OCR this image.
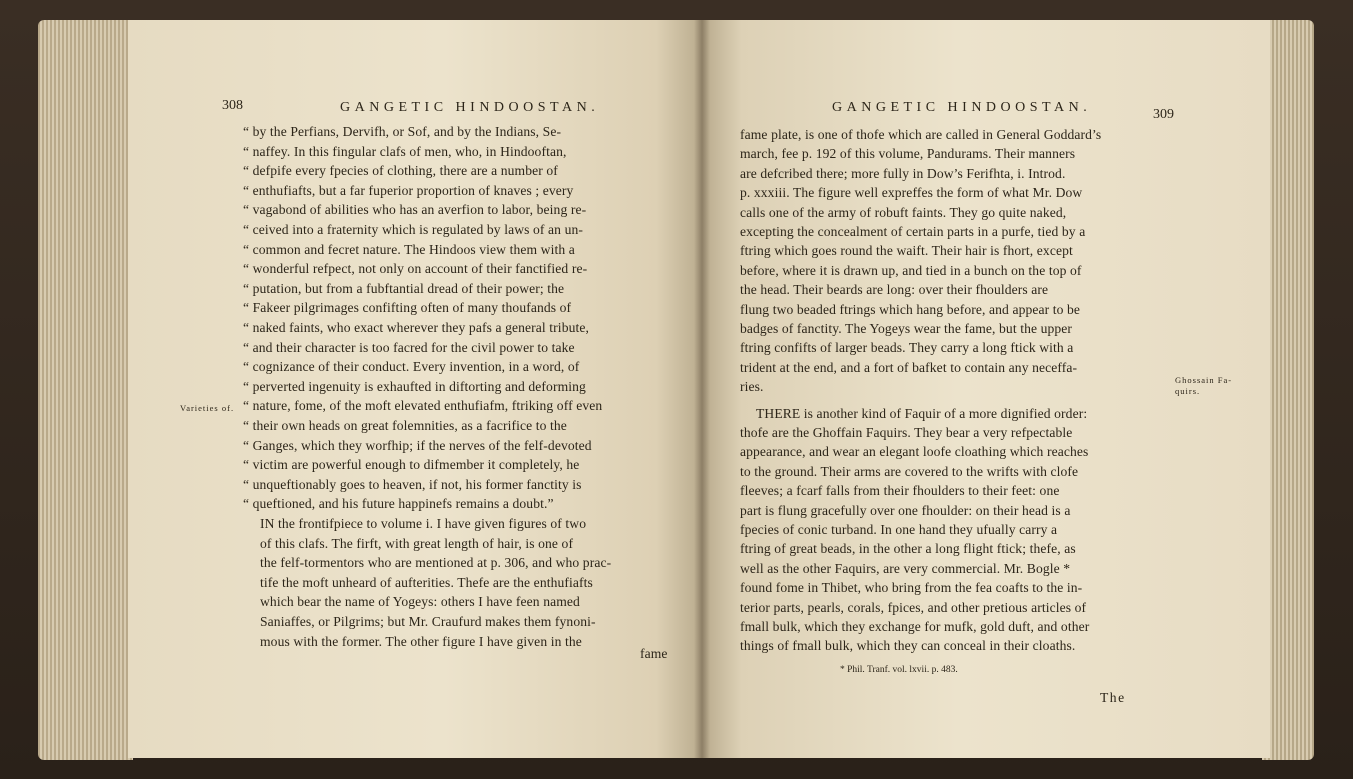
308	GANGETIC HINDOOSTAN.
“ by the Perfians, Dervifh, or Sof, and by the Indians, Se-
“ naffey. In this fingular clafs of men, who, in Hindooftan,
“ defpife every fpecies of clothing, there are a number of
“ enthufiafts, but a far fuperior proportion of knaves ; every
“ vagabond of abilities who has an averfion to labor, being re-
“ ceived into a fraternity which is regulated by laws of an un-
“ common and fecret nature. The Hindoos view them with a
“ wonderful refpect, not only on account of their fanctified re-
“ putation, but from a fubftantial dread of their power; the
“ Fakeer pilgrimages confifting often of many thoufands of
“ naked faints, who exact wherever they pafs a general tribute,
“ and their character is too facred for the civil power to take
“ cognizance of their conduct. Every invention, in a word, of
“ perverted ingenuity is exhaufted in diftorting and deforming
“ nature, fome, of the moft elevated enthufiafm, ftriking off even
“ their own heads on great folemnities, as a facrifice to the
“ Ganges, which they worfhip; if the nerves of the felf-devoted
“ victim are powerful enough to difmember it completely, he
“ unqueftionably goes to heaven, if not, his former fanctity is
“ queftioned, and his future happinefs remains a doubt.”
IN the frontifpiece to volume i. I have given figures of two
of this clafs. The firft, with great length of hair, is one of
the felf-tormentors who are mentioned at p. 306, and who prac-
tife the moft unheard of aufterities. Thefe are the enthufiafts
which bear the name of Yogeys: others I have feen named
Saniaffes, or Pilgrims; but Mr. Craufurd makes them fynoni-
mous with the former. The other figure I have given in the
Varieties of.
fame
GANGETIC HINDOOSTAN.	309
fame plate, is one of thofe which are called in General Goddard’s
march, fee p. 192 of this volume, Pandurams. Their manners
are defcribed there; more fully in Dow’s Ferifhta, i. Introd.
p. xxxiii. The figure well expreffes the form of what Mr. Dow
calls one of the army of robuft faints. They go quite naked,
excepting the concealment of certain parts in a purfe, tied by a
ftring which goes round the waift. Their hair is fhort, except
before, where it is drawn up, and tied in a bunch on the top of
the head. Their beards are long: over their fhoulders are
flung two beaded ftrings which hang before, and appear to be
badges of fanctity. The Yogeys wear the fame, but the upper
ftring confifts of larger beads. They carry a long ftick with a
trident at the end, and a fort of bafket to contain any neceffa-
ries.
THERE is another kind of Faquir of a more dignified order:
thofe are the Ghoffain Faquirs. They bear a very refpectable
appearance, and wear an elegant loofe cloathing which reaches
to the ground. Their arms are covered to the wrifts with clofe
fleeves; a fcarf falls from their fhoulders to their feet: one
part is flung gracefully over one fhoulder: on their head is a
fpecies of conic turband. In one hand they ufually carry a
ftring of great beads, in the other a long flight ftick; thefe, as
well as the other Faquirs, are very commercial. Mr. Bogle *
found fome in Thibet, who bring from the fea coafts to the in-
terior parts, pearls, corals, fpices, and other pretious articles of
fmall bulk, which they exchange for mufk, gold duft, and other
things of fmall bulk, which they can conceal in their cloaths.
Ghossain Fa-quirs.
* Phil. Tranf. vol. lxvii. p. 483.
The
